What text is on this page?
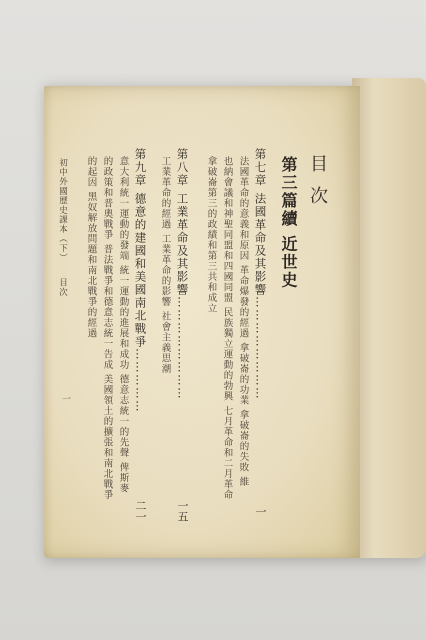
目次
第三篇續 近世史
第七章 法國革命及其影響……………………
一
法國革命的意義和原因 革命爆發的經過 拿破崙的功業 拿破崙的失敗 維
也納會議和神聖同盟和四國同盟 民族獨立運動的勃興 七月革命和二月革命
拿破崙第三的政績和第三共和成立
第八章 工業革命及其影響……………………
一五
工業革命的經過 工業革命的影響 社會主義思潮
第九章 德意的建國和美國南北戰爭……………
二一
意大利統一運動的發端 統一運動的進展和成功 德意志統一的先聲 俾斯麥
的政策和普奧戰爭 普法戰爭和德意志統一告成 美國領土的擴張和南北戰爭
的起因 黑奴解放問題和南北戰爭的經過
初中外國歷史課本（下）
目次
一
